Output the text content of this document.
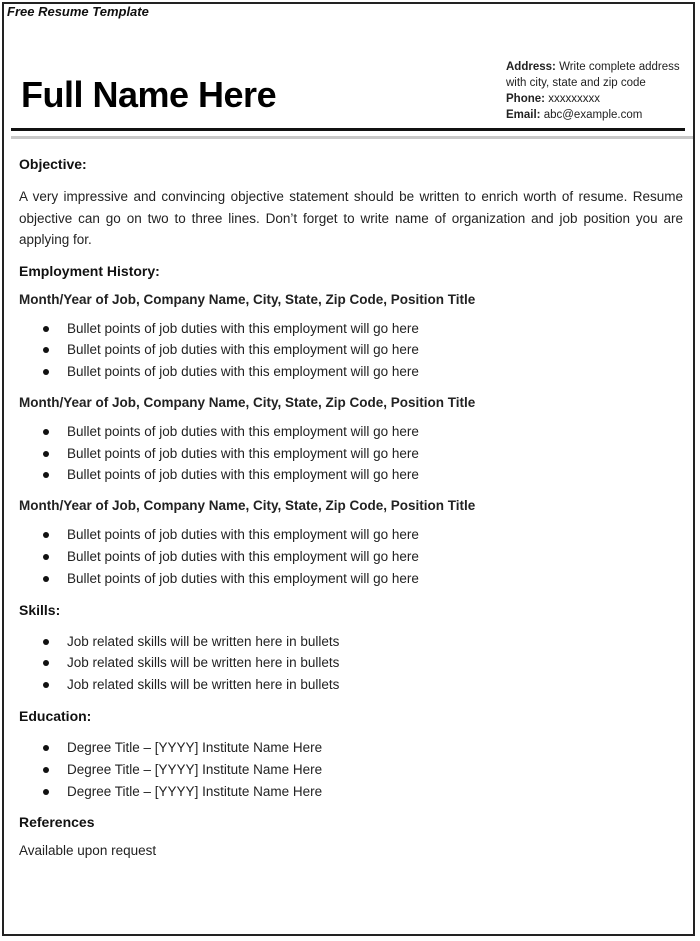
Free Resume Template
Full Name Here
Address: Write complete address with city, state and zip code
Phone: xxxxxxxxx
Email: abc@example.com
Objective:

A very impressive and convincing objective statement should be written to enrich worth of resume. Resume objective can go on two to three lines. Don’t forget to write name of organization and job position you are applying for.

Employment History:
Month/Year of Job, Company Name, City, State, Zip Code, Position Title
Bullet points of job duties with this employment will go here
Bullet points of job duties with this employment will go here
Bullet points of job duties with this employment will go here
Month/Year of Job, Company Name, City, State, Zip Code, Position Title
Bullet points of job duties with this employment will go here
Bullet points of job duties with this employment will go here
Bullet points of job duties with this employment will go here
Month/Year of Job, Company Name, City, State, Zip Code, Position Title
Bullet points of job duties with this employment will go here
Bullet points of job duties with this employment will go here
Bullet points of job duties with this employment will go here
Skills:
Job related skills will be written here in bullets
Job related skills will be written here in bullets
Job related skills will be written here in bullets
Education:
Degree Title – [YYYY] Institute Name Here
Degree Title – [YYYY] Institute Name Here
Degree Title – [YYYY] Institute Name Here
References
Available upon request
